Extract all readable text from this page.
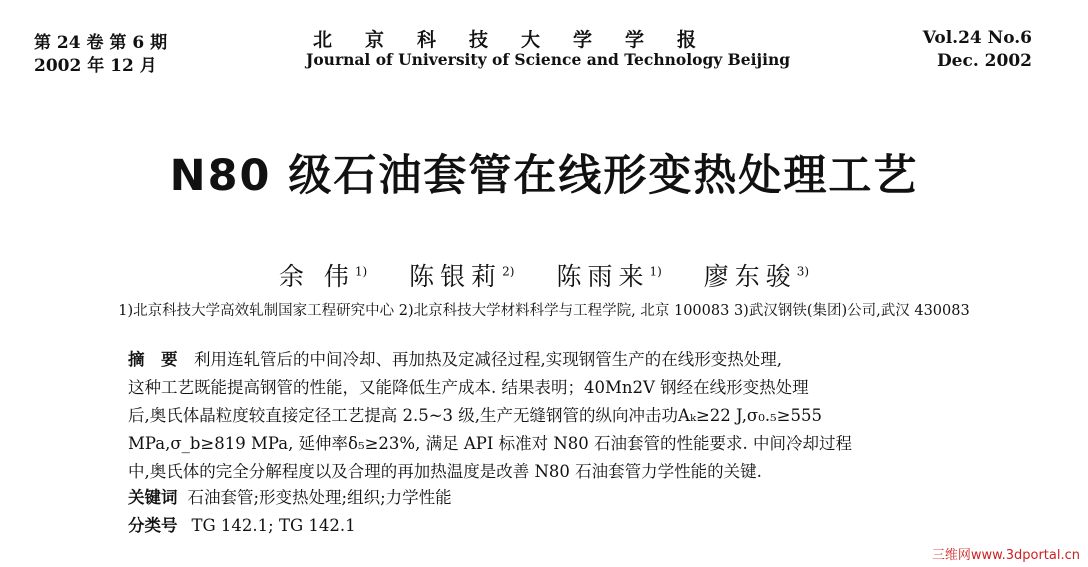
第 24 卷 第 6 期
2002 年 12 月
北京科技大学学报
Journal of University of Science and Technology Beijing
Vol.24 No.6
Dec. 2002
N80 级石油套管在线形变热处理工艺
余 伟$^{1)}$ 陈银莉$^{2)}$ 陈雨来$^{1)}$ 廖东骏$^{3)}$
1)北京科技大学高效轧制国家工程研究中心 2)北京科技大学材料科学与工程学院, 北京 100083 3)武汉钢铁(集团)公司,武汉 430083
摘　要　 利用连轧管后的中间冷却、再加热及定减径过程,实现钢管生产的在线形变热处理,
这种工艺既能提高钢管的性能，又能降低生产成本. 结果表明；40Mn2V 钢经在线形变热处理
后,奥氏体晶粒度较直接定径工艺提高 2.5~3 级,生产无缝钢管的纵向冲击功Aₖ≥22 J,σ₀.₅≥555
MPa,σ_b≥819 MPa, 延伸率δ₅≥23%, 满足 API 标准对 N80 石油套管的性能要求. 中间冷却过程
中,奥氏体的完全分解程度以及合理的再加热温度是改善 N80 石油套管力学性能的关键.
关键词 石油套管;形变热处理;组织;力学性能
分类号 TG 142.1; TG 142.1
三维网www.3dportal.cn
